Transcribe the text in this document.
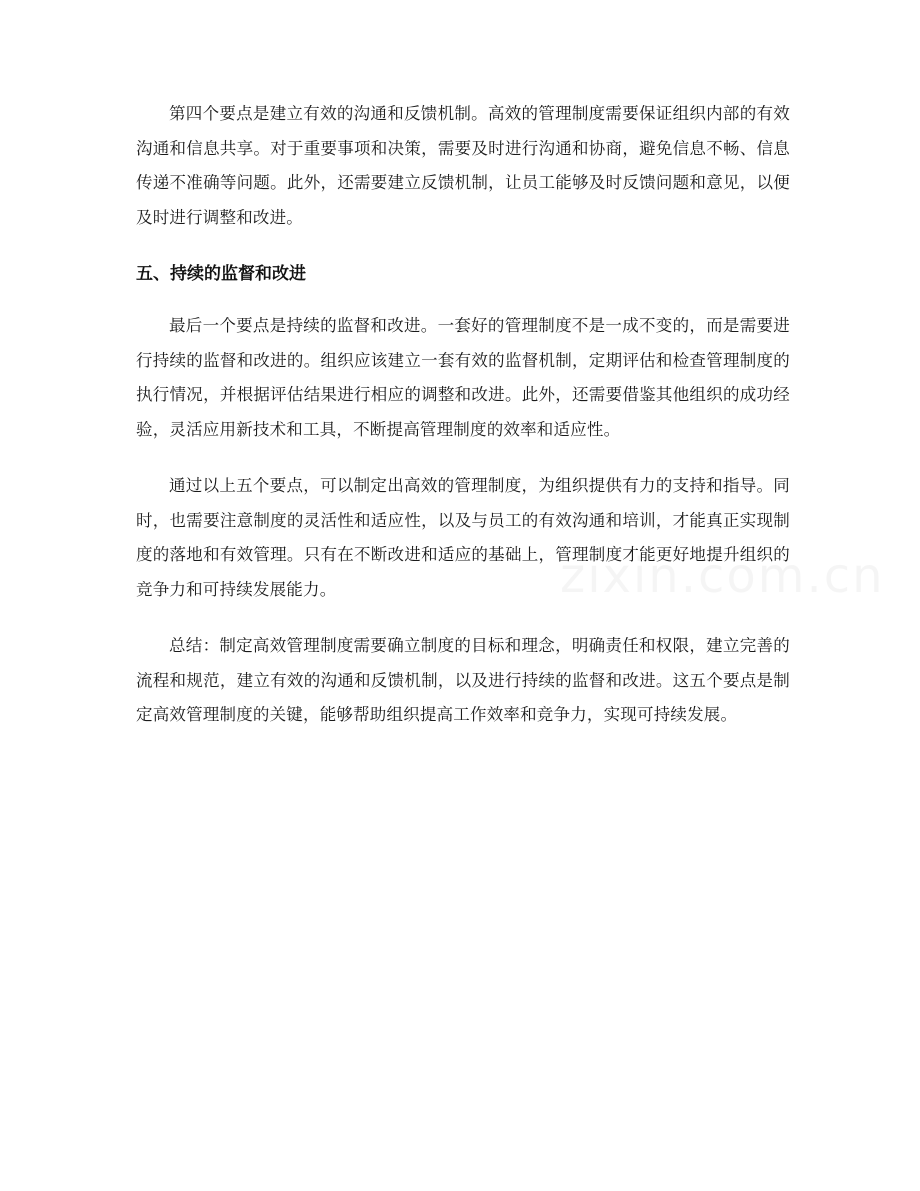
第四个要点是建立有效的沟通和反馈机制。高效的管理制度需要保证组织内部的有效沟通和信息共享。对于重要事项和决策，需要及时进行沟通和协商，避免信息不畅、信息传递不准确等问题。此外，还需要建立反馈机制，让员工能够及时反馈问题和意见，以便及时进行调整和改进。

五、持续的监督和改进

最后一个要点是持续的监督和改进。一套好的管理制度不是一成不变的，而是需要进行持续的监督和改进的。组织应该建立一套有效的监督机制，定期评估和检查管理制度的执行情况，并根据评估结果进行相应的调整和改进。此外，还需要借鉴其他组织的成功经验，灵活应用新技术和工具，不断提高管理制度的效率和适应性。

通过以上五个要点，可以制定出高效的管理制度，为组织提供有力的支持和指导。同时，也需要注意制度的灵活性和适应性，以及与员工的有效沟通和培训，才能真正实现制度的落地和有效管理。只有在不断改进和适应的基础上，管理制度才能更好地提升组织的竞争力和可持续发展能力。

总结：制定高效管理制度需要确立制度的目标和理念，明确责任和权限，建立完善的流程和规范，建立有效的沟通和反馈机制，以及进行持续的监督和改进。这五个要点是制定高效管理制度的关键，能够帮助组织提高工作效率和竞争力，实现可持续发展。
